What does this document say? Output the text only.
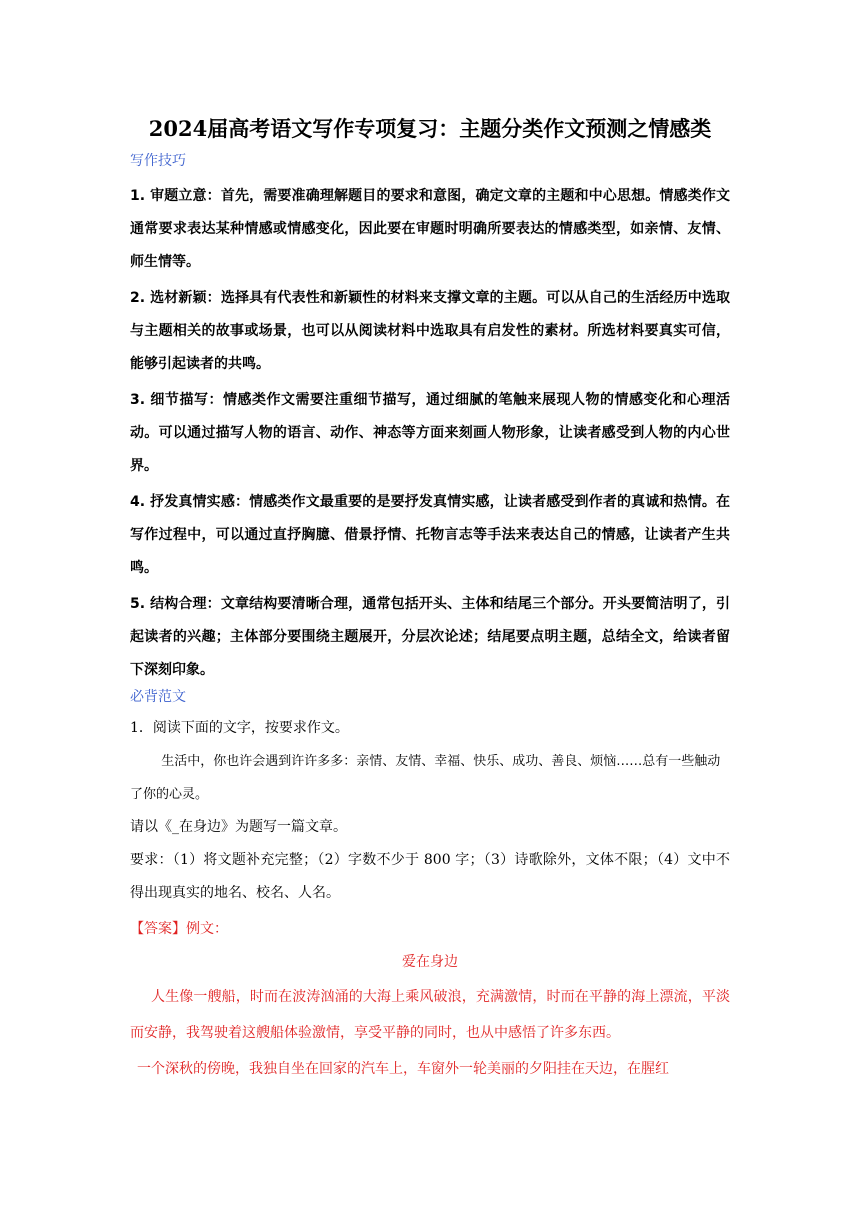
2024届高考语文写作专项复习：主题分类作文预测之情感类

写作技巧

1. 审题立意：首先，需要准确理解题目的要求和意图，确定文章的主题和中心思想。情感类作文通常要求表达某种情感或情感变化，因此要在审题时明确所要表达的情感类型，如亲情、友情、师生情等。

2. 选材新颖：选择具有代表性和新颖性的材料来支撑文章的主题。可以从自己的生活经历中选取与主题相关的故事或场景，也可以从阅读材料中选取具有启发性的素材。所选材料要真实可信，能够引起读者的共鸣。

3. 细节描写：情感类作文需要注重细节描写，通过细腻的笔触来展现人物的情感变化和心理活动。可以通过描写人物的语言、动作、神态等方面来刻画人物形象，让读者感受到人物的内心世界。

4. 抒发真情实感：情感类作文最重要的是要抒发真情实感，让读者感受到作者的真诚和热情。在写作过程中，可以通过直抒胸臆、借景抒情、托物言志等手法来表达自己的情感，让读者产生共鸣。

5. 结构合理：文章结构要清晰合理，通常包括开头、主体和结尾三个部分。开头要简洁明了，引起读者的兴趣；主体部分要围绕主题展开，分层次论述；结尾要点明主题，总结全文，给读者留下深刻印象。

必背范文

1．阅读下面的文字，按要求作文。

生活中，你也许会遇到许许多多：亲情、友情、幸福、快乐、成功、善良、烦恼……总有一些触动了你的心灵。

请以《_在身边》为题写一篇文章。

要求：（1）将文题补充完整；（2）字数不少于 800 字；（3）诗歌除外，文体不限；（4）文中不得出现真实的地名、校名、人名。

【答案】例文：

爱在身边

人生像一艘船，时而在波涛汹涌的大海上乘风破浪，充满激情，时而在平静的海上漂流，平淡而安静，我驾驶着这艘船体验激情，享受平静的同时，也从中感悟了许多东西。

一个深秋的傍晚，我独自坐在回家的汽车上，车窗外一轮美丽的夕阳挂在天边，在腥红
